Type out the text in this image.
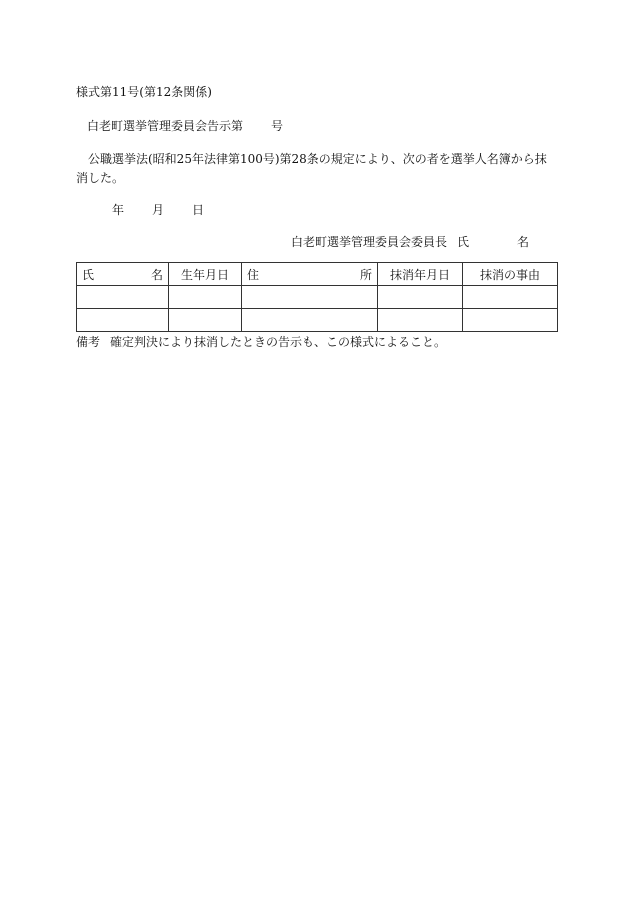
様式第11号(第12条関係)
白老町選挙管理委員会告示第 号
公職選挙法(昭和25年法律第100号)第28条の規定により、次の者を選挙人名簿から抹消した。
年 月 日
白老町選挙管理委員会委員長 氏	名
氏 名	生年月日	住 所	抹消年月日	抹消の事由

備考 確定判決により抹消したときの告示も、この様式によること。
